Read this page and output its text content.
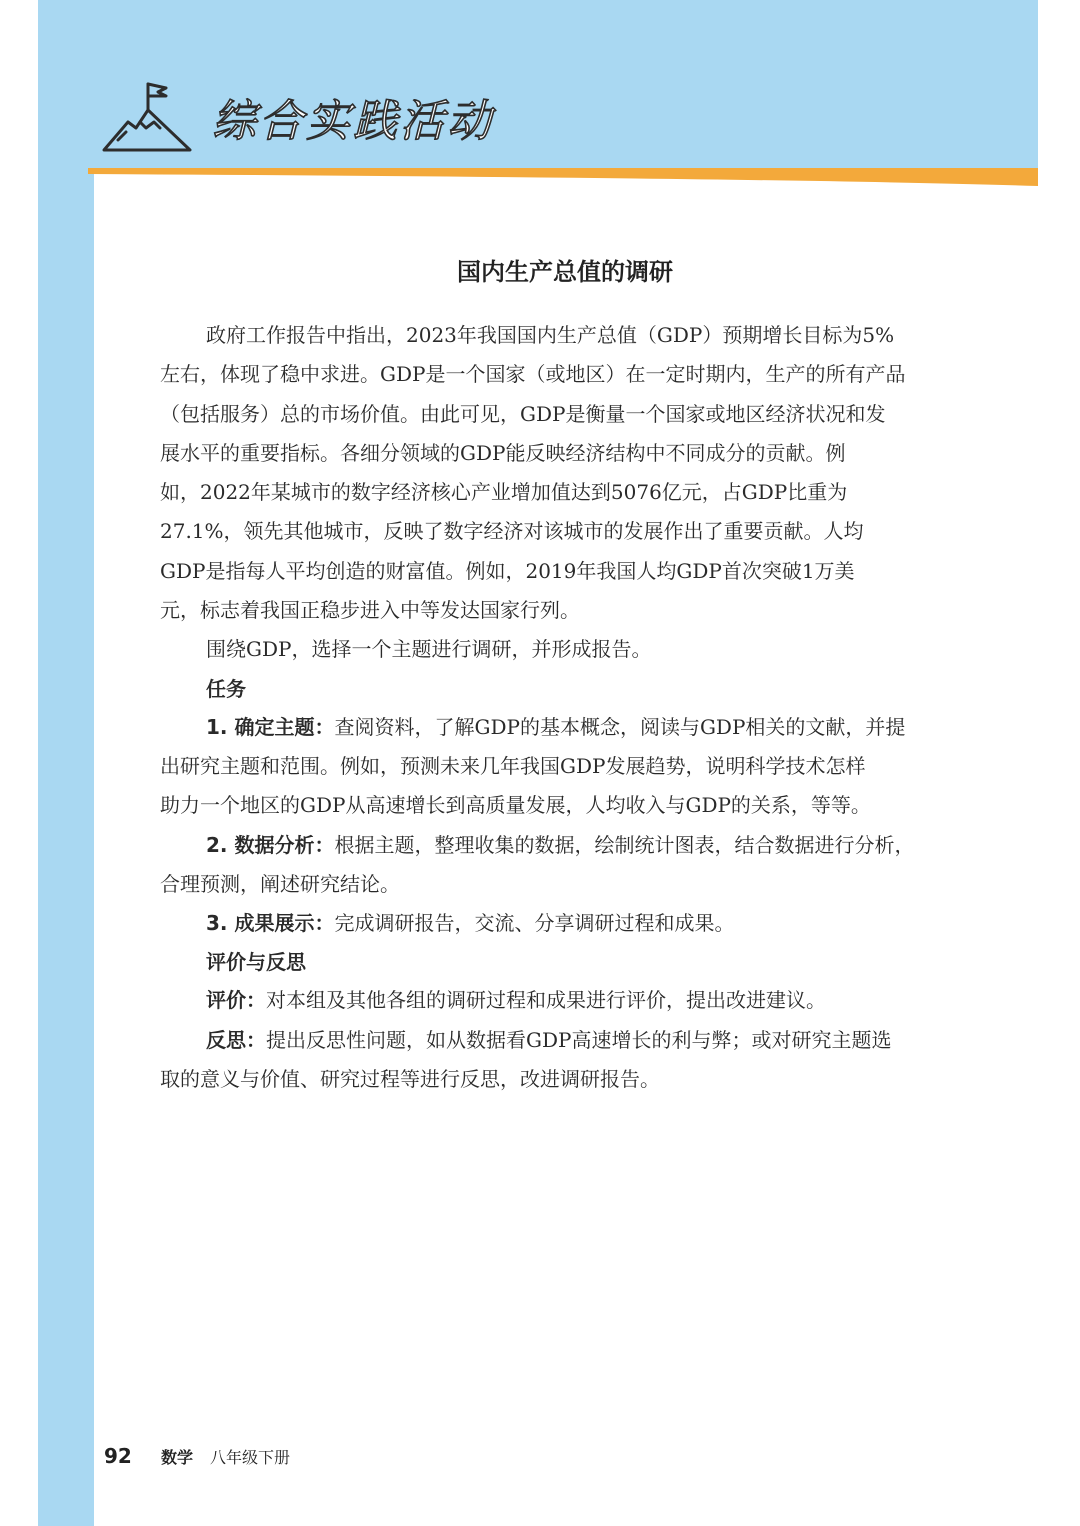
综合实践活动
国内生产总值的调研
政府工作报告中指出，2023年我国国内生产总值（GDP）预期增长目标为5%
左右，体现了稳中求进。GDP是一个国家（或地区）在一定时期内，生产的所有产品
（包括服务）总的市场价值。由此可见，GDP是衡量一个国家或地区经济状况和发
展水平的重要指标。各细分领域的GDP能反映经济结构中不同成分的贡献。例
如，2022年某城市的数字经济核心产业增加值达到5076亿元，占GDP比重为
27.1%，领先其他城市，反映了数字经济对该城市的发展作出了重要贡献。人均
GDP是指每人平均创造的财富值。例如，2019年我国人均GDP首次突破1万美
元，标志着我国正稳步进入中等发达国家行列。
围绕GDP，选择一个主题进行调研，并形成报告。
任务
1. 确定主题：查阅资料，了解GDP的基本概念，阅读与GDP相关的文献，并提
出研究主题和范围。例如，预测未来几年我国GDP发展趋势，说明科学技术怎样
助力一个地区的GDP从高速增长到高质量发展，人均收入与GDP的关系，等等。
2. 数据分析：根据主题，整理收集的数据，绘制统计图表，结合数据进行分析，
合理预测，阐述研究结论。
3. 成果展示：完成调研报告，交流、分享调研过程和成果。
评价与反思
评价：对本组及其他各组的调研过程和成果进行评价，提出改进建议。
反思：提出反思性问题，如从数据看GDP高速增长的利与弊；或对研究主题选
取的意义与价值、研究过程等进行反思，改进调研报告。
92 数学 八年级下册
